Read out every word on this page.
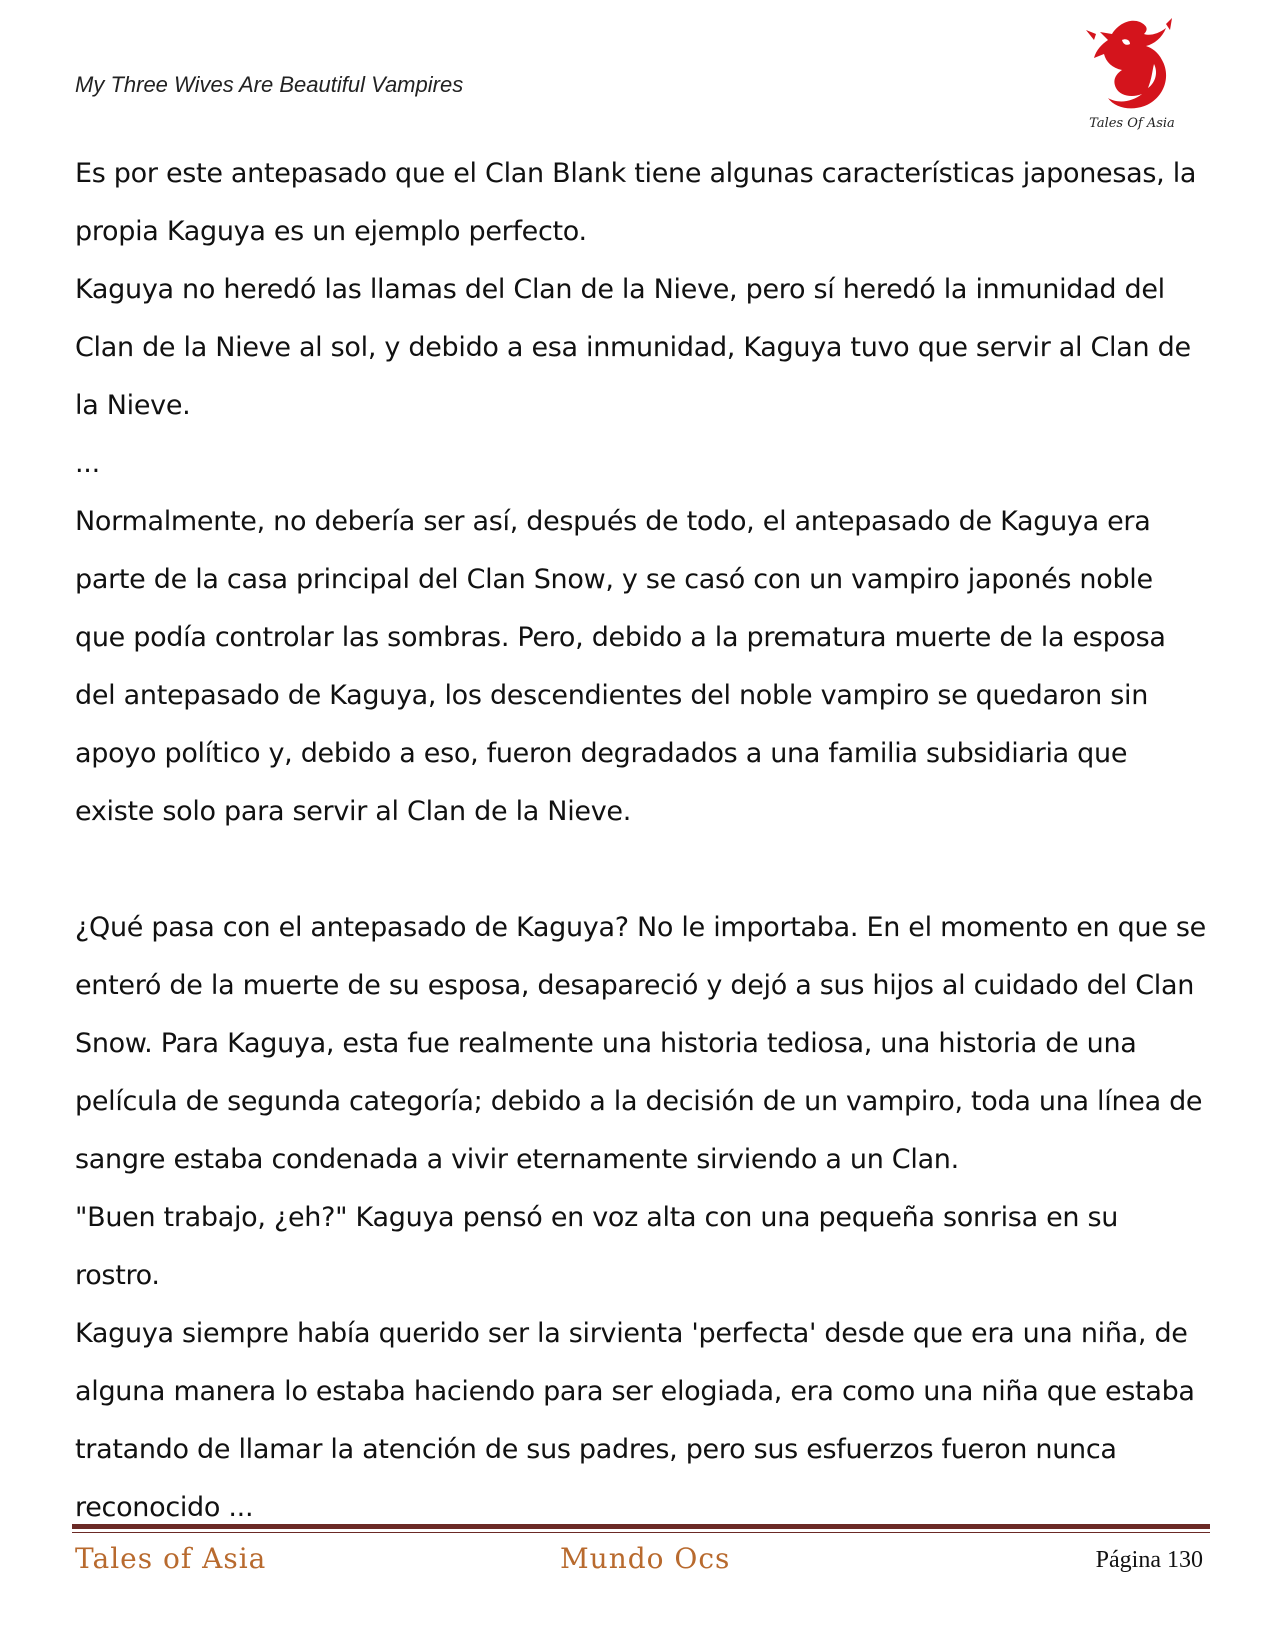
My Three Wives Are Beautiful Vampires
Tales Of Asia

Es por este antepasado que el Clan Blank tiene algunas características japonesas, la propia Kaguya es un ejemplo perfecto.

Kaguya no heredó las llamas del Clan de la Nieve, pero sí heredó la inmunidad del Clan de la Nieve al sol, y debido a esa inmunidad, Kaguya tuvo que servir al Clan de la Nieve.

...

Normalmente, no debería ser así, después de todo, el antepasado de Kaguya era parte de la casa principal del Clan Snow, y se casó con un vampiro japonés noble que podía controlar las sombras. Pero, debido a la prematura muerte de la esposa del antepasado de Kaguya, los descendientes del noble vampiro se quedaron sin apoyo político y, debido a eso, fueron degradados a una familia subsidiaria que existe solo para servir al Clan de la Nieve.

¿Qué pasa con el antepasado de Kaguya? No le importaba. En el momento en que se enteró de la muerte de su esposa, desapareció y dejó a sus hijos al cuidado del Clan Snow. Para Kaguya, esta fue realmente una historia tediosa, una historia de una película de segunda categoría; debido a la decisión de un vampiro, toda una línea de sangre estaba condenada a vivir eternamente sirviendo a un Clan.

"Buen trabajo, ¿eh?" Kaguya pensó en voz alta con una pequeña sonrisa en su rostro.

Kaguya siempre había querido ser la sirvienta 'perfecta' desde que era una niña, de alguna manera lo estaba haciendo para ser elogiada, era como una niña que estaba tratando de llamar la atención de sus padres, pero sus esfuerzos fueron nunca reconocido ...

Tales of Asia	Mundo Ocs	Página 130
